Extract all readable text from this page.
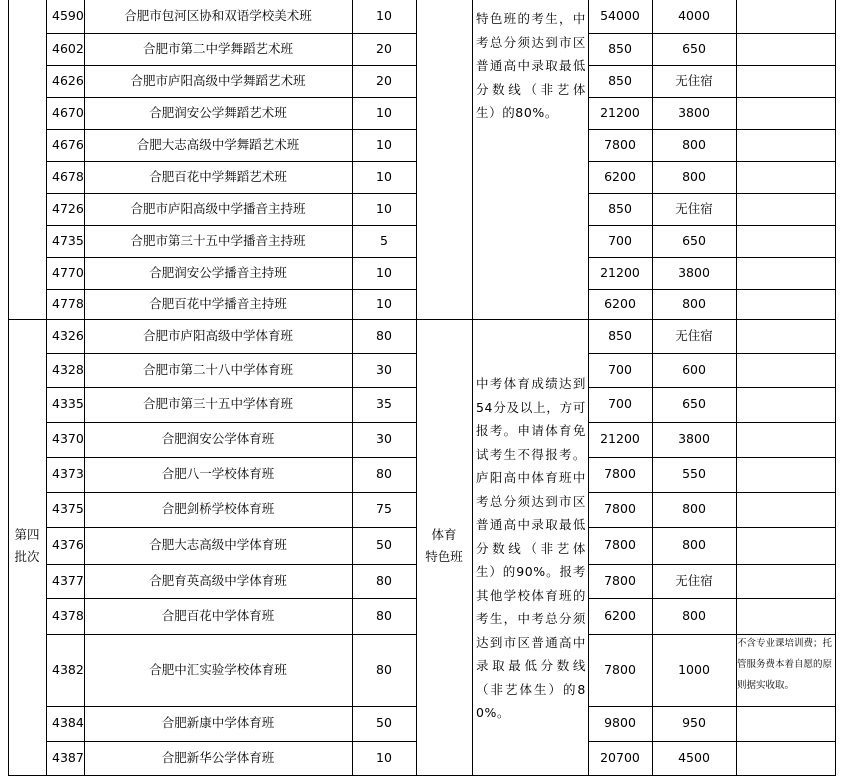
4590	合肥市包河区协和双语学校美术班	10	54000	4000
4602	合肥市第二中学舞蹈艺术班	20	850	650
4626	合肥市庐阳高级中学舞蹈艺术班	20	850	无住宿
4670	合肥润安公学舞蹈艺术班	10	21200	3800
4676	合肥大志高级中学舞蹈艺术班	10	7800	800
4678	合肥百花中学舞蹈艺术班	10	6200	800
4726	合肥市庐阳高级中学播音主持班	10	850	无住宿
4735	合肥市第三十五中学播音主持班	5	700	650
4770	合肥润安公学播音主持班	10	21200	3800
4778	合肥百花中学播音主持班	10	6200	800
4326	合肥市庐阳高级中学体育班	80	850	无住宿
4328	合肥市第二十八中学体育班	30	700	600
4335	合肥市第三十五中学体育班	35	700	650
4370	合肥润安公学体育班	30	21200	3800
4373	合肥八一学校体育班	80	7800	550
4375	合肥剑桥学校体育班	75	7800	800
4376	合肥大志高级中学体育班	50	7800	800
4377	合肥育英高级中学体育班	80	7800	无住宿
4378	合肥百花中学体育班	80	6200	800
4382	合肥中汇实验学校体育班	80	7800	1000
4384	合肥新康中学体育班	50	9800	950
4387	合肥新华公学体育班	10	20700	4500
第四
批次
体育
特色班
特色班的考生，中考总分须达到市区普通高中录取最低分数线（非艺体生）的80%。
中考体育成绩达到54分及以上，方可报考。申请体育免试考生不得报考。庐阳高中体育班中考总分须达到市区普通高中录取最低分数线（非艺体生）的90%。报考其他学校体育班的考生，中考总分须达到市区普通高中录取最低分数线（非艺体生）的80%。
不含专业课培训费；托管服务费本着自愿的原则据实收取。
